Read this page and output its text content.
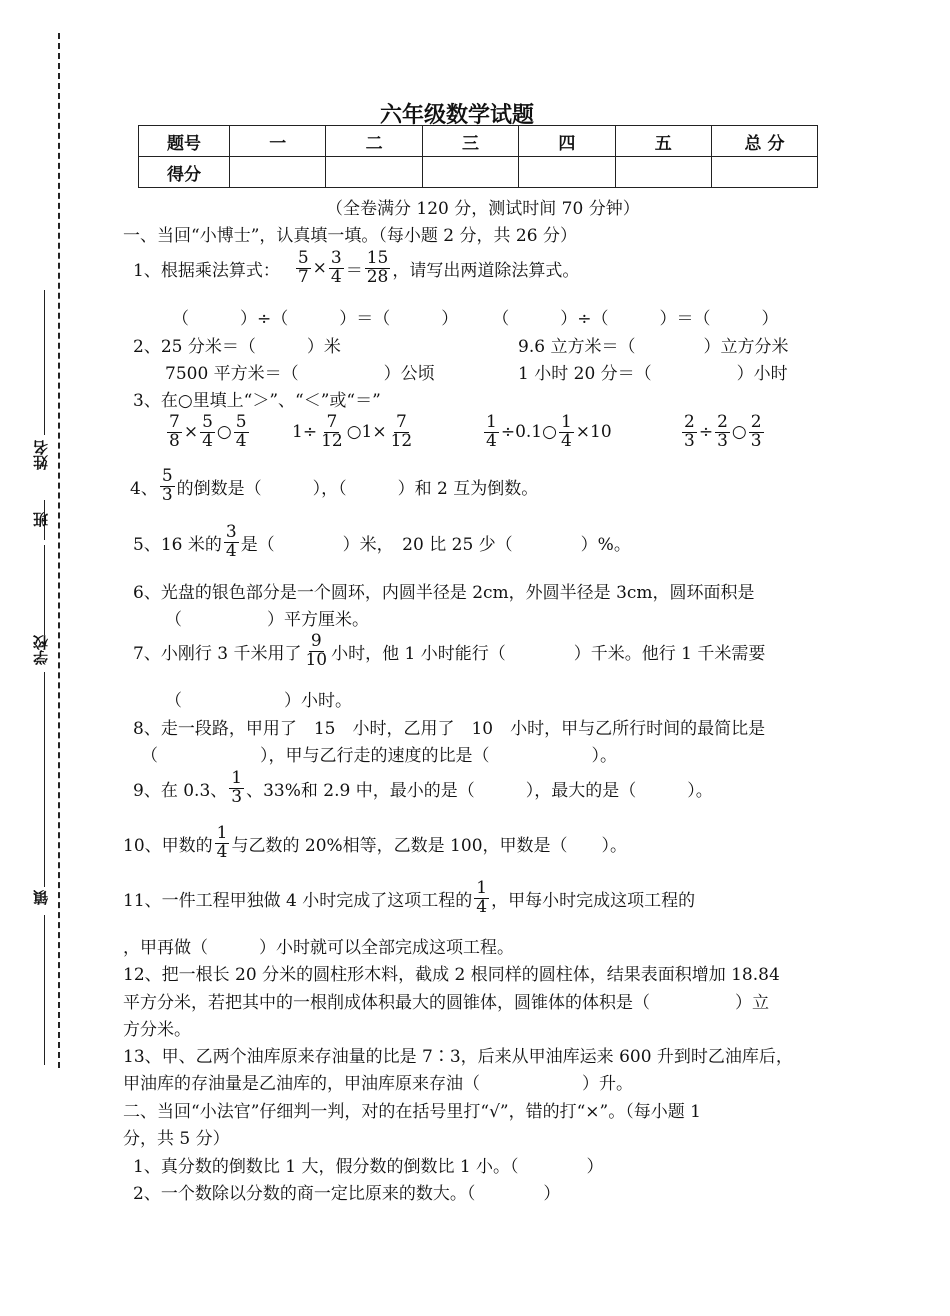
姓名
班
学校
镇
六年级数学试题
题号	一	二	三	四	五	总 分
得分						
（全卷满分 120 分，测试时间 70 分钟）
一、当回“小博士”，认真填一填。（每小题 2 分，共 26 分）
1、根据乘法算式： $\frac{5}{7} \times \frac{3}{4} = \frac{15}{28}$ ，请写出两道除法算式。
（　　　）÷（　　　）＝（　　　）　　　（　　　）÷（　　　）＝（　　　）
2、25 分米＝（　　　）米	9.6 立方米＝（　　　　）立方分米
7500 平方米＝（　　　　　）公顷	1 小时 20 分＝（　　　　　）小时
3、在○里填上“＞”、“＜”或“＝”
$\frac{7}{8} \times \frac{5}{4}$ ○ $\frac{5}{4}$	$1\div \frac{7}{12}$ ○1× $\frac{7}{12}$	$\frac{1}{4}$ ÷0.1○ $\frac{1}{4} \times 10$	$\frac{2}{3} \div \frac{2}{3}$ ○ $\frac{2}{3}$
4、 $\frac{5}{3}$ 的倒数是（　　　），（　　　）和 2 互为倒数。
5、16 米的 $\frac{3}{4}$ 是（　　　　）米，　20 比 25 少（　　　　）%。
6、光盘的银色部分是一个圆环，内圆半径是 2cm，外圆半径是 3cm，圆环面积是
（　　　　　）平方厘米。
7、小刚行 3 千米用了 $\frac{9}{10}$ 小时，他 1 小时能行（　　　　）千米。他行 1 千米需要
（　　　　　　）小时。
8、走一段路，甲用了　15　小时，乙用了　10　小时，甲与乙所行时间的最简比是
（　　　　　　），甲与乙行走的速度的比是（　　　　　　）。
9、在 0.3、 $\frac{1}{3}$ 、33%和 2.9 中，最小的是（　　　），最大的是（　　　）。
10、甲数的 $\frac{1}{4}$ 与乙数的 20%相等，乙数是 100，甲数是（　　）。
11、一件工程甲独做 4 小时完成了这项工程的 $\frac{1}{4}$ ，甲每小时完成这项工程的
，甲再做（　　　）小时就可以全部完成这项工程。
12、把一根长 20 分米的圆柱形木料，截成 2 根同样的圆柱体，结果表面积增加 18.84
平方分米，若把其中的一根削成体积最大的圆锥体，圆锥体的体积是（　　　　　）立
方分米。
13、甲、乙两个油库原来存油量的比是 7∶3，后来从甲油库运来 600 升到时乙油库后，
甲油库的存油量是乙油库的，甲油库原来存油（　　　　　　）升。
二、当回“小法官”仔细判一判，对的在括号里打“√”，错的打“×”。（每小题 1
分，共 5 分）
1、真分数的倒数比 1 大，假分数的倒数比 1 小。（　　　　）
2、一个数除以分数的商一定比原来的数大。（　　　　）
